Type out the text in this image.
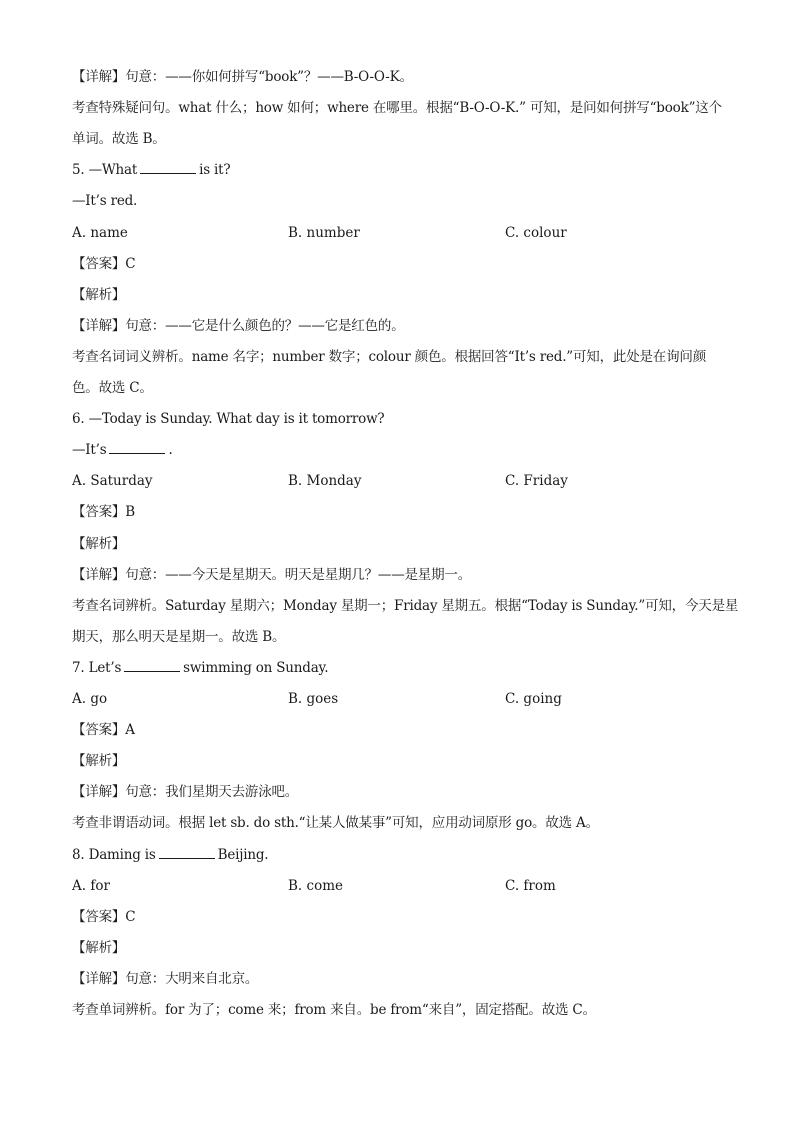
【详解】句意：——你如何拼写“book”？——B-O-O-K。
考查特殊疑问句。what 什么；how 如何；where 在哪里。根据“B-O-O-K.” 可知，是问如何拼写“book”这个
单词。故选 B。
5. —What	is it?
—It’s red.
A. name	B. number	C. colour
【答案】C
【解析】
【详解】句意：——它是什么颜色的？——它是红色的。
考查名词词义辨析。name 名字；number 数字；colour 颜色。根据回答“It’s red.”可知，此处是在询问颜
色。故选 C。
6. —Today is Sunday. What day is it tomorrow?
—It’s	.
A. Saturday	B. Monday	C. Friday
【答案】B
【解析】
【详解】句意：——今天是星期天。明天是星期几？——是星期一。
考查名词辨析。Saturday 星期六；Monday 星期一；Friday 星期五。根据“Today is Sunday.”可知，今天是星
期天，那么明天是星期一。故选 B。
7. Let’s	swimming on Sunday.
A. go	B. goes	C. going
【答案】A
【解析】
【详解】句意：我们星期天去游泳吧。
考查非谓语动词。根据 let sb. do sth.“让某人做某事”可知，应用动词原形 go。故选 A。
8. Daming is	Beijing.
A. for	B. come	C. from
【答案】C
【解析】
【详解】句意：大明来自北京。
考查单词辨析。for 为了；come 来；from 来自。be from“来自”，固定搭配。故选 C。
